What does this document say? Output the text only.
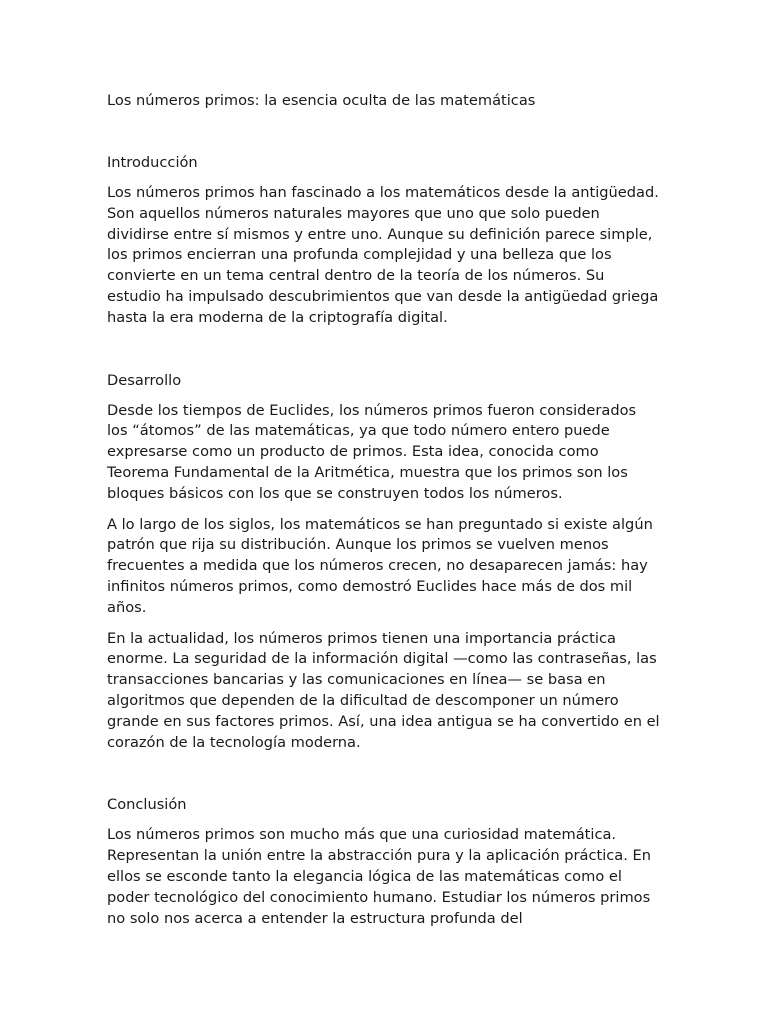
Los números primos: la esencia oculta de las matemáticas
Introducción

Los números primos han fascinado a los matemáticos desde la antigüedad. Son aquellos números naturales mayores que uno que solo pueden dividirse entre sí mismos y entre uno. Aunque su definición parece simple, los primos encierran una profunda complejidad y una belleza que los convierte en un tema central dentro de la teoría de los números. Su estudio ha impulsado descubrimientos que van desde la antigüedad griega hasta la era moderna de la criptografía digital.

Desarrollo

Desde los tiempos de Euclides, los números primos fueron considerados los “átomos” de las matemáticas, ya que todo número entero puede expresarse como un producto de primos. Esta idea, conocida como Teorema Fundamental de la Aritmética, muestra que los primos son los bloques básicos con los que se construyen todos los números.

A lo largo de los siglos, los matemáticos se han preguntado si existe algún patrón que rija su distribución. Aunque los primos se vuelven menos frecuentes a medida que los números crecen, no desaparecen jamás: hay infinitos números primos, como demostró Euclides hace más de dos mil años.

En la actualidad, los números primos tienen una importancia práctica enorme. La seguridad de la información digital —como las contraseñas, las transacciones bancarias y las comunicaciones en línea— se basa en algoritmos que dependen de la dificultad de descomponer un número grande en sus factores primos. Así, una idea antigua se ha convertido en el corazón de la tecnología moderna.

Conclusión

Los números primos son mucho más que una curiosidad matemática. Representan la unión entre la abstracción pura y la aplicación práctica. En ellos se esconde tanto la elegancia lógica de las matemáticas como el poder tecnológico del conocimiento humano. Estudiar los números primos no solo nos acerca a entender la estructura profunda del
